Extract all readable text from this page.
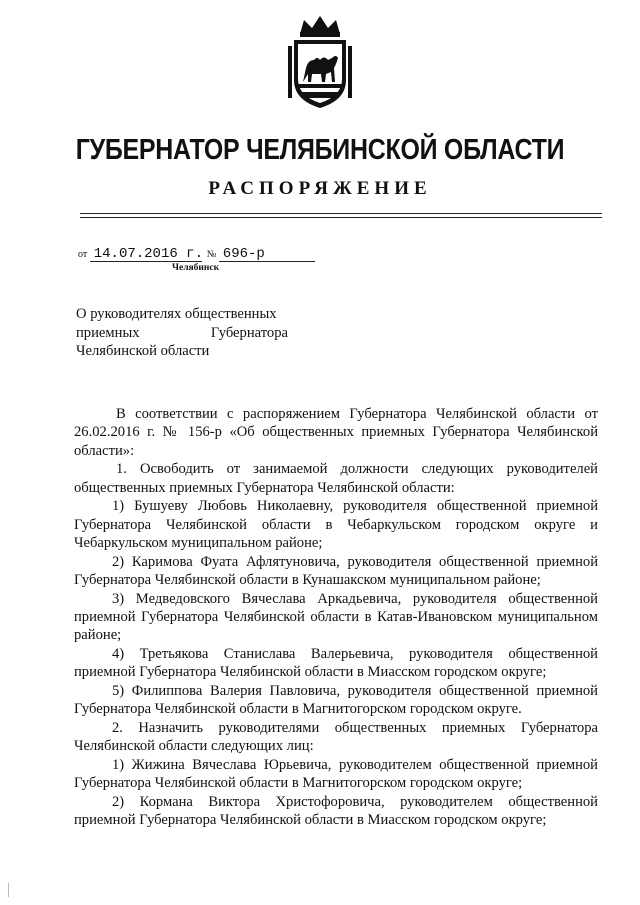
ГУБЕРНАТОР ЧЕЛЯБИНСКОЙ ОБЛАСТИ
РАСПОРЯЖЕНИЕ
от 14.07.2016 г. № 696-р
Челябинск
О руководителях общественных
приемных	Губернатора
Челябинской области
В соответствии с распоряжением Губернатора Челябинской области от 26.02.2016 г. № 156-р «Об общественных приемных Губернатора Челябинской области»:
1. Освободить от занимаемой должности следующих руководителей общественных приемных Губернатора Челябинской области:
1) Бушуеву Любовь Николаевну, руководителя общественной приемной Губернатора Челябинской области в Чебаркульском городском округе и Чебаркульском муниципальном районе;
2) Каримова Фуата Афлятуновича, руководителя общественной приемной Губернатора Челябинской области в Кунашакском муниципальном районе;
3) Медведовского Вячеслава Аркадьевича, руководителя общественной приемной Губернатора Челябинской области в Катав-Ивановском муниципальном районе;
4) Третьякова Станислава Валерьевича, руководителя общественной приемной Губернатора Челябинской области в Миасском городском округе;
5) Филиппова Валерия Павловича, руководителя общественной приемной Губернатора Челябинской области в Магнитогорском городском округе.
2. Назначить руководителями общественных приемных Губернатора Челябинской области следующих лиц:
1) Жижина Вячеслава Юрьевича, руководителем общественной приемной Губернатора Челябинской области в Магнитогорском городском округе;
2) Кормана Виктора Христофоровича, руководителем общественной приемной Губернатора Челябинской области в Миасском городском округе;
